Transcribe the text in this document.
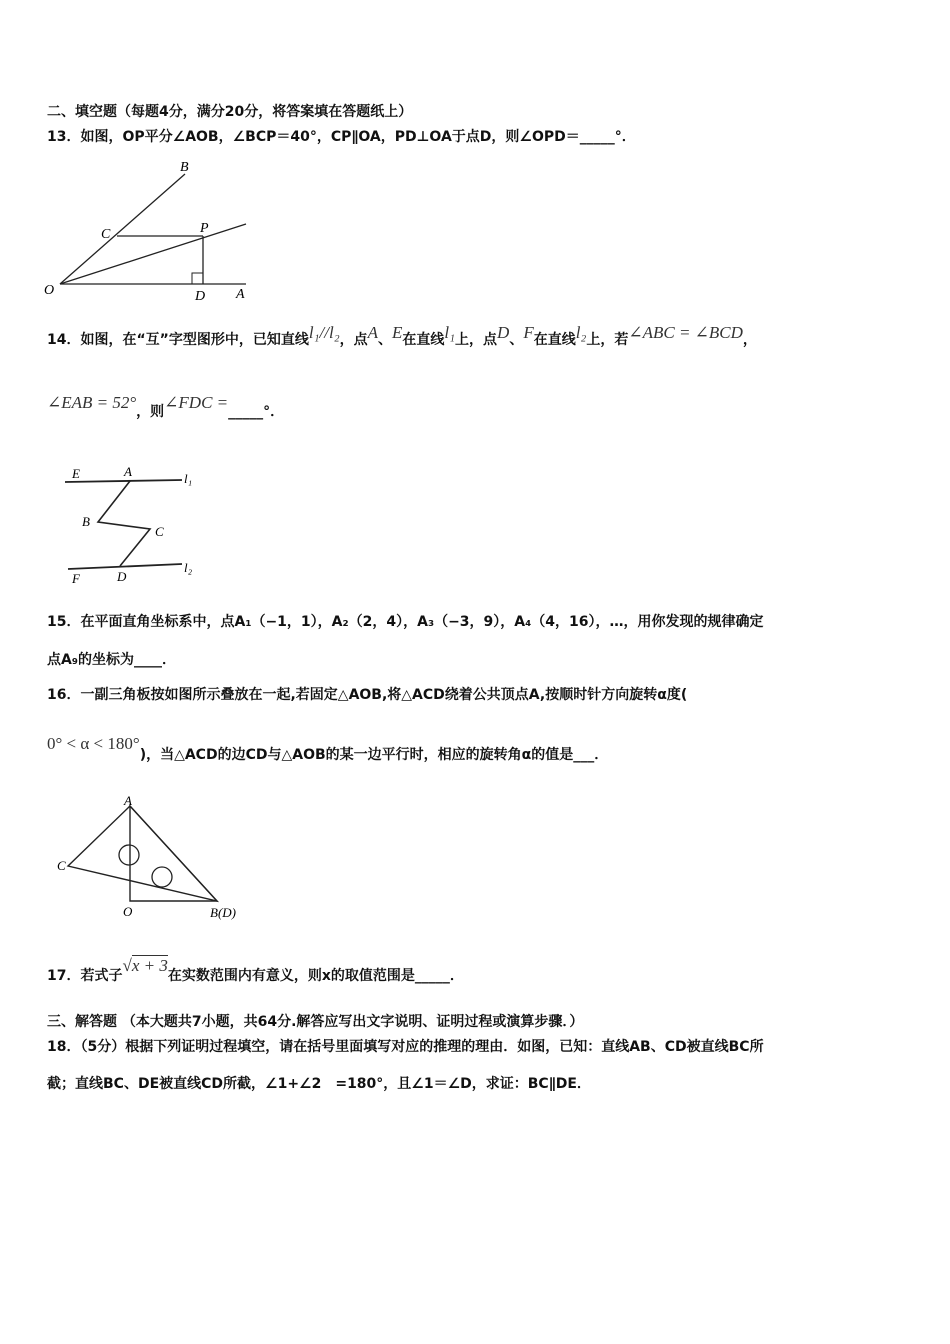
二、填空题（每题4分，满分20分，将答案填在答题纸上）
13．如图，OP平分∠AOB，∠BCP＝40°，CP∥OA，PD⊥OA于点D，则∠OPD＝_____°．
B
C	P
O	D A
14．如图，在“互”字型图形中，已知直线l₁//l₂，点A、E在直线l₁上，点D、F在直线l₂上，若∠ABC = ∠BCD，
∠EAB = 52°，则∠FDC =_____°．
E	A	l₁
B
C
F	D
l₂
15．在平面直角坐标系中，点A₁（−1，1），A₂（2，4），A₃（−3，9），A₄（4，16），…，用你发现的规律确定
点A₉的坐标为____．
16．一副三角板按如图所示叠放在一起,若固定△AOB,将△ACD绕着公共顶点A,按顺时针方向旋转α度(
0° < α < 180°)，当△ACD的边CD与△AOB的某一边平行时，相应的旋转角α的值是___．
A
C
O	B(D)
17．若式子√x + 3在实数范围内有意义，则x的取值范围是_____．
三、解答题 （本大题共7小题，共64分.解答应写出文字说明、证明过程或演算步骤．）
18．（5分）根据下列证明过程填空，请在括号里面填写对应的推理的理由．如图，已知：直线AB、CD被直线BC所
截；直线BC、DE被直线CD所截，∠1+∠2　=180°，且∠1＝∠D，求证：BC∥DE．
